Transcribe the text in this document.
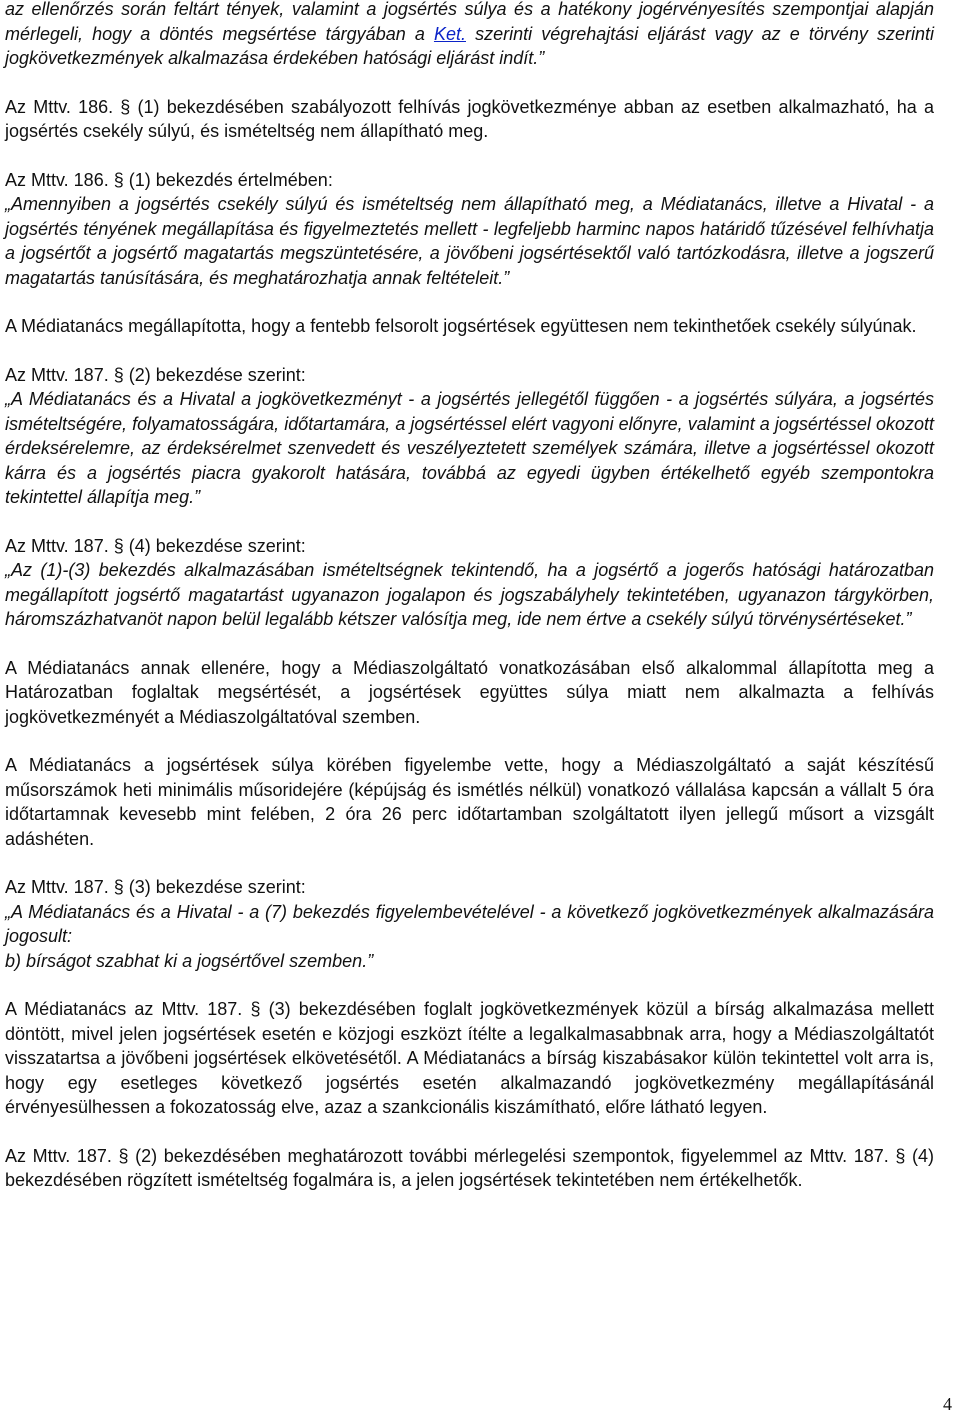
az ellenőrzés során feltárt tények, valamint a jogsértés súlya és a hatékony jogérvényesítés szempontjai alapján mérlegeli, hogy a döntés megsértése tárgyában a Ket. szerinti végrehajtási eljárást vagy az e törvény szerinti jogkövetkezmények alkalmazása érdekében hatósági eljárást indít.”

Az Mttv. 186. § (1) bekezdésében szabályozott felhívás jogkövetkezménye abban az esetben alkalmazható, ha a jogsértés csekély súlyú, és ismételtség nem állapítható meg.

Az Mttv. 186. § (1) bekezdés értelmében:
„Amennyiben a jogsértés csekély súlyú és ismételtség nem állapítható meg, a Médiatanács, illetve a Hivatal - a jogsértés tényének megállapítása és figyelmeztetés mellett - legfeljebb harminc napos határidő tűzésével felhívhatja a jogsértőt a jogsértő magatartás megszüntetésére, a jövőbeni jogsértésektől való tartózkodásra, illetve a jogszerű magatartás tanúsítására, és meghatározhatja annak feltételeit.”

A Médiatanács megállapította, hogy a fentebb felsorolt jogsértések együttesen nem tekinthetőek csekély súlyúnak.

Az Mttv. 187. § (2) bekezdése szerint:
„A Médiatanács és a Hivatal a jogkövetkezményt - a jogsértés jellegétől függően - a jogsértés súlyára, a jogsértés ismételtségére, folyamatosságára, időtartamára, a jogsértéssel elért vagyoni előnyre, valamint a jogsértéssel okozott érdeksérelemre, az érdeksérelmet szenvedett és veszélyeztetett személyek számára, illetve a jogsértéssel okozott kárra és a jogsértés piacra gyakorolt hatására, továbbá az egyedi ügyben értékelhető egyéb szempontokra tekintettel állapítja meg.”

Az Mttv. 187. § (4) bekezdése szerint:
„Az (1)-(3) bekezdés alkalmazásában ismételtségnek tekintendő, ha a jogsértő a jogerős hatósági határozatban megállapított jogsértő magatartást ugyanazon jogalapon és jogszabályhely tekintetében, ugyanazon tárgykörben, háromszázhatvanöt napon belül legalább kétszer valósítja meg, ide nem értve a csekély súlyú törvénysértéseket.”

A Médiatanács annak ellenére, hogy a Médiaszolgáltató vonatkozásában első alkalommal állapította meg a Határozatban foglaltak megsértését, a jogsértések együttes súlya miatt nem alkalmazta a felhívás jogkövetkezményét a Médiaszolgáltatóval szemben.

A Médiatanács a jogsértések súlya körében figyelembe vette, hogy a Médiaszolgáltató a saját készítésű műsorszámok heti minimális műsoridejére (képújság és ismétlés nélkül) vonatkozó vállalása kapcsán a vállalt 5 óra időtartamnak kevesebb mint felében, 2 óra 26 perc időtartamban szolgáltatott ilyen jellegű műsort a vizsgált adáshéten.

Az Mttv. 187. § (3) bekezdése szerint:
„A Médiatanács és a Hivatal - a (7) bekezdés figyelembevételével - a következő jogkövetkezmények alkalmazására jogosult:
b) bírságot szabhat ki a jogsértővel szemben.”

A Médiatanács az Mttv. 187. § (3) bekezdésében foglalt jogkövetkezmények közül a bírság alkalmazása mellett döntött, mivel jelen jogsértések esetén e közjogi eszközt ítélte a legalkalmasabbnak arra, hogy a Médiaszolgáltatót visszatartsa a jövőbeni jogsértések elkövetésétől. A Médiatanács a bírság kiszabásakor külön tekintettel volt arra is, hogy egy esetleges következő jogsértés esetén alkalmazandó jogkövetkezmény megállapításánál érvényesülhessen a fokozatosság elve, azaz a szankcionális kiszámítható, előre látható legyen.

Az Mttv. 187. § (2) bekezdésében meghatározott további mérlegelési szempontok, figyelemmel az Mttv. 187. § (4) bekezdésében rögzített ismételtség fogalmára is, a jelen jogsértések tekintetében nem értékelhetők.

4
